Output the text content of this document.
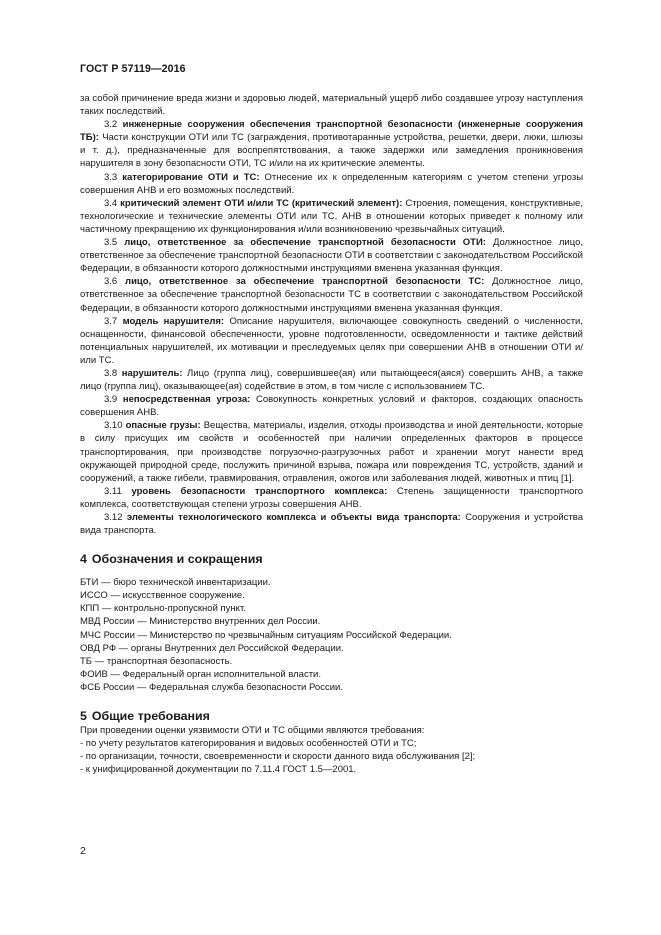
ГОСТ Р 57119—2016

за собой причинение вреда жизни и здоровью людей, материальный ущерб либо создавшее угрозу наступления таких последствий.

3.2 инженерные сооружения обеспечения транспортной безопасности (инженерные сооружения ТБ): Части конструкции ОТИ или ТС (заграждения, противотаранные устройства, решетки, двери, люки, шлюзы и т. д.), предназначенные для воспрепятствования, а также задержки или замедления проникновения нарушителя в зону безопасности ОТИ, ТС и/или на их критические элементы.

3.3 категорирование ОТИ и ТС: Отнесение их к определенным категориям с учетом степени угрозы совершения АНВ и его возможных последствий.

3.4 критический элемент ОТИ и/или ТС (критический элемент): Строения, помещения, конструктивные, технологические и технические элементы ОТИ или ТС, АНВ в отношении которых приведет к полному или частичному прекращению их функционирования и/или возникновению чрезвычайных ситуаций.

3.5 лицо, ответственное за обеспечение транспортной безопасности ОТИ: Должностное лицо, ответственное за обеспечение транспортной безопасности ОТИ в соответствии с законодательством Российской Федерации, в обязанности которого должностными инструкциями вменена указанная функция.

3.6 лицо, ответственное за обеспечение транспортной безопасности ТС: Должностное лицо, ответственное за обеспечение транспортной безопасности ТС в соответствии с законодательством Российской Федерации, в обязанности которого должностными инструкциями вменена указанная функция.

3.7 модель нарушителя: Описание нарушителя, включающее совокупность сведений о численности, оснащенности, финансовой обеспеченности, уровне подготовленности, осведомленности и тактике действий потенциальных нарушителей, их мотивации и преследуемых целях при совершении АНВ в отношении ОТИ и/или ТС.

3.8 нарушитель: Лицо (группа лиц), совершившее(ая) или пытающееся(аяся) совершить АНВ, а также лицо (группа лиц), оказывающее(ая) содействие в этом, в том числе с использованием ТС.

3.9 непосредственная угроза: Совокупность конкретных условий и факторов, создающих опасность совершения АНВ.

3.10 опасные грузы: Вещества, материалы, изделия, отходы производства и иной деятельности, которые в силу присущих им свойств и особенностей при наличии определенных факторов в процессе транспортирования, при производстве погрузочно-разгрузочных работ и хранении могут нанести вред окружающей природной среде, послужить причиной взрыва, пожара или повреждения ТС, устройств, зданий и сооружений, а также гибели, травмирования, отравления, ожогов или заболевания людей, животных и птиц [1].

3.11 уровень безопасности транспортного комплекса: Степень защищенности транспортного комплекса, соответствующая степени угрозы совершения АНВ.

3.12 элементы технологического комплекса и объекты вида транспорта: Сооружения и устройства вида транспорта.

4 Обозначения и сокращения

БТИ — бюро технической инвентаризации.

ИССО — искусственное сооружение.

КПП — контрольно-пропускной пункт.

МВД России — Министерство внутренних дел России.

МЧС России — Министерство по чрезвычайным ситуациям Российской Федерации.

ОВД РФ — органы Внутренних дел Российской Федерации.

ТБ — транспортная безопасность.

ФОИВ — Федеральный орган исполнительной власти.

ФСБ России — Федеральная служба безопасности России.

5 Общие требования

При проведении оценки уязвимости ОТИ и ТС общими являются требования:

- по учету результатов категорирования и видовых особенностей ОТИ и ТС;

- по организации, точности, своевременности и скорости данного вида обслуживания [2];

- к унифицированной документации по 7.11.4 ГОСТ 1.5—2001.

2
